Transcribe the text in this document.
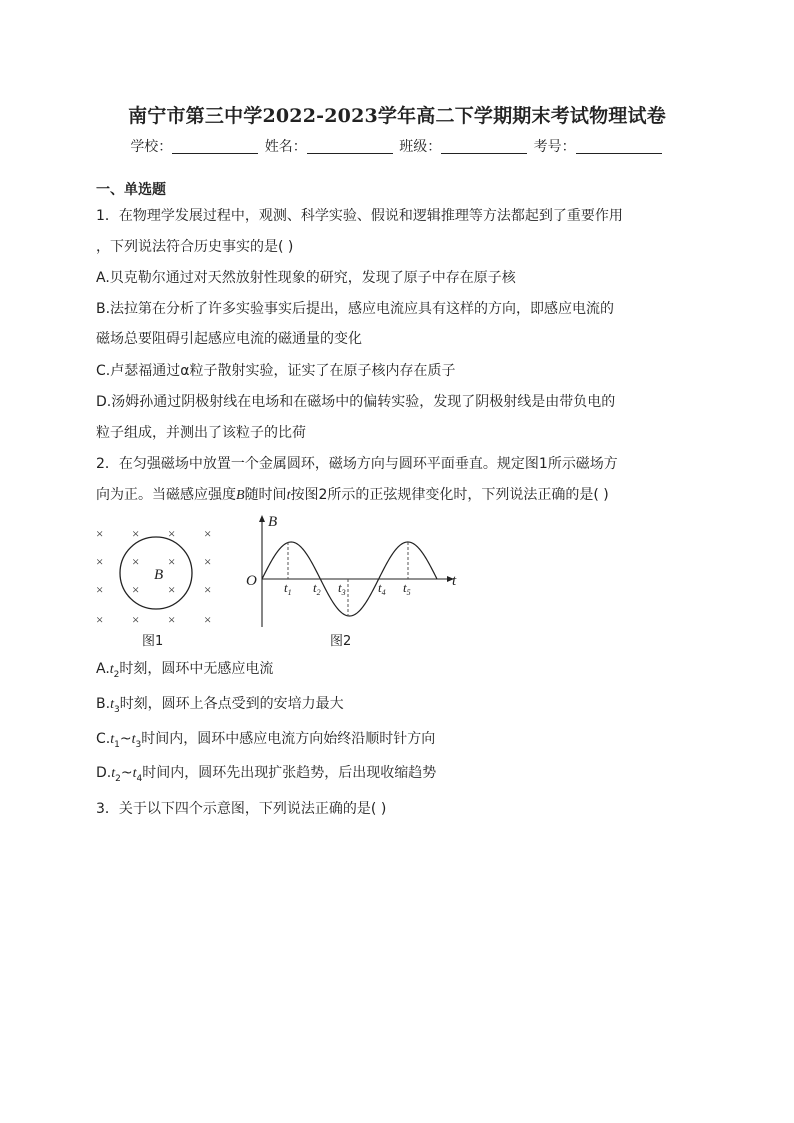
南宁市第三中学2022-2023学年高二下学期期末考试物理试卷
学校：	姓名：	班级：	考号：
一、单选题
1．在物理学发展过程中，观测、科学实验、假说和逻辑推理等方法都起到了重要作用
，下列说法符合历史事实的是( )
A.贝克勒尔通过对天然放射性现象的研究，发现了原子中存在原子核
B.法拉第在分析了许多实验事实后提出，感应电流应具有这样的方向，即感应电流的
磁场总要阻碍引起感应电流的磁通量的变化
C.卢瑟福通过α粒子散射实验，证实了在原子核内存在质子
D.汤姆孙通过阴极射线在电场和在磁场中的偏转实验，发现了阴极射线是由带负电的
粒子组成，并测出了该粒子的比荷
2．在匀强磁场中放置一个金属圆环，磁场方向与圆环平面垂直。规定图1所示磁场方
向为正。当磁感应强度B随时间t按图2所示的正弦规律变化时，下列说法正确的是( )
×
×
×
×
×
×
×
×
×
×
×
×
×
×
×
×
B
图1
B
t
O $t_1$ $t_2$ $t_3$ $t_4$ $t_5$
图2
$A.t_2$时刻，圆环中无感应电流
$B.t_3$时刻，圆环上各点受到的安培力最大
$C.t_1\sim t_3$时间内，圆环中感应电流方向始终沿顺时针方向
$D.t_2\sim t_4$时间内，圆环先出现扩张趋势，后出现收缩趋势
3．关于以下四个示意图，下列说法正确的是( )
